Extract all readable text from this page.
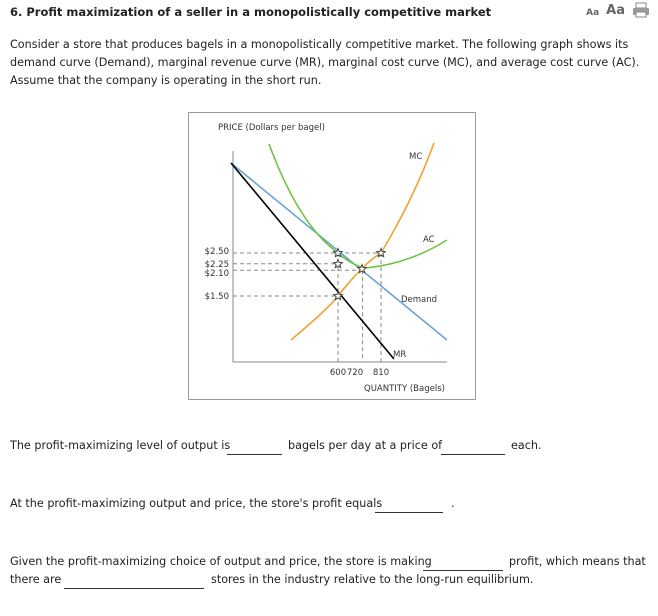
6. Profit maximization of a seller in a monopolistically competitive market	Aa Aa
Consider a store that produces bagels in a monopolistically competitive market. The following graph shows its demand curve (Demand), marginal revenue curve (MR), marginal cost curve (MC), and average cost curve (AC). Assume that the company is operating in the short run.
PRICE (Dollars per bagel)
QUANTITY (Bagels)
$2.50
$2.25
$2.10
$1.50
600 720 810
MC
AC
Demand
MR
The profit-maximizing level of output is	bagels per day at a price of	each.
At the profit-maximizing output and price, the store's profit equals	.
Given the profit-maximizing choice of output and price, the store is making	profit, which means that
there are	stores in the industry relative to the long-run equilibrium.
